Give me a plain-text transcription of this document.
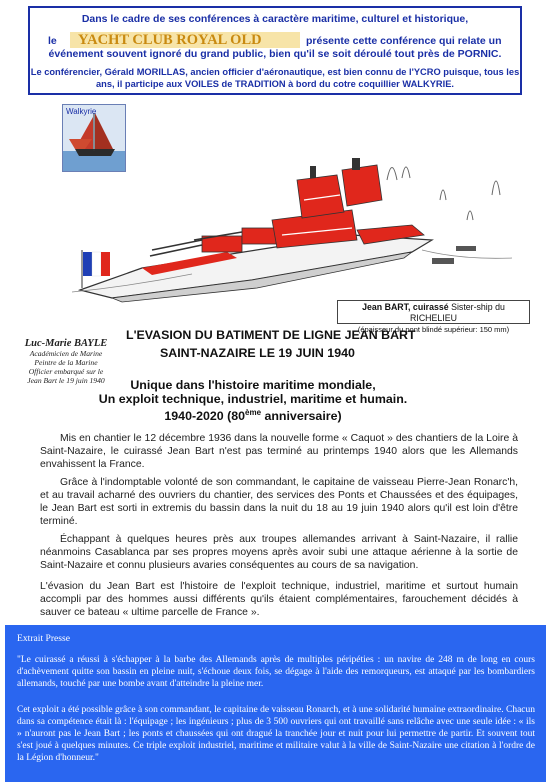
Dans le cadre de ses conférences à caractère maritime, culturel et historique,
le	YACHT CLUB ROYAL OLD	présente cette conférence qui relate un
événement souvent ignoré du grand public, bien qu'il se soit déroulé tout près de PORNIC.
Le conférencier, Gérald MORILLAS, ancien officier d'aéronautique, est bien connu de l'YCRO puisque, tous les ans, il participe aux VOILES de TRADITION à bord du cotre coquillier WALKYRIE.
Walkyrie
Jean BART, cuirassé Sister-ship du RICHELIEU
(épaisseur du pont blindé supérieur: 150 mm)
Luc-Marie BAYLE
Académicien de Marine
Peintre de la Marine
Officier embarqué sur le
Jean Bart le 19 juin 1940
L'EVASION DU BATIMENT DE LIGNE JEAN BART
SAINT-NAZAIRE LE 19 JUIN 1940
Unique dans l'histoire maritime mondiale,
Un exploit technique, industriel, maritime et humain.
1940-2020 (80ème anniversaire)
Mis en chantier le 12 décembre 1936 dans la nouvelle forme « Caquot » des chantiers de la Loire à Saint-Nazaire, le cuirassé Jean Bart n'est pas terminé au printemps 1940 alors que les Allemands envahissent la France.
Grâce à l'indomptable volonté de son commandant, le capitaine de vaisseau Pierre-Jean Ronarc'h, et au travail acharné des ouvriers du chantier, des services des Ponts et Chaussées et des équipages, le Jean Bart est sorti in extremis du bassin dans la nuit du 18 au 19 juin 1940 alors qu'il est loin d'être terminé.
Échappant à quelques heures près aux troupes allemandes arrivant à Saint-Nazaire, il rallie néanmoins Casablanca par ses propres moyens après avoir subi une attaque aérienne à la sortie de Saint-Nazaire et connu plusieurs avaries conséquentes au cours de sa navigation.
L'évasion du Jean Bart est l'histoire de l'exploit technique, industriel, maritime et surtout humain accompli par des hommes aussi différents qu'ils étaient complémentaires, farouchement décidés à sauver ce bateau « ultime parcelle de France ».
Extrait Presse
"Le cuirassé a réussi à s'échapper à la barbe des Allemands après de multiples péripéties : un navire de 248 m de long en cours d'achèvement quitte son bassin en pleine nuit, s'échoue deux fois, se dégage à l'aide des remorqueurs, est attaqué par les bombardiers allemands, touché par une bombe avant d'atteindre la pleine mer.
Cet exploit a été possible grâce à son commandant, le capitaine de vaisseau Ronarch, et à une solidarité humaine extraordinaire. Chacun dans sa compétence était là : l'équipage ; les ingénieurs ; plus de 3 500 ouvriers qui ont travaillé sans relâche avec une seule idée : « ils » n'auront pas le Jean Bart ; les ponts et chaussées qui ont dragué la tranchée jour et nuit pour lui permettre de partir. Et souvent tout s'est joué à quelques minutes. Ce triple exploit industriel, maritime et militaire valut à la ville de Saint-Nazaire une citation à l'ordre de la Légion d'honneur."
